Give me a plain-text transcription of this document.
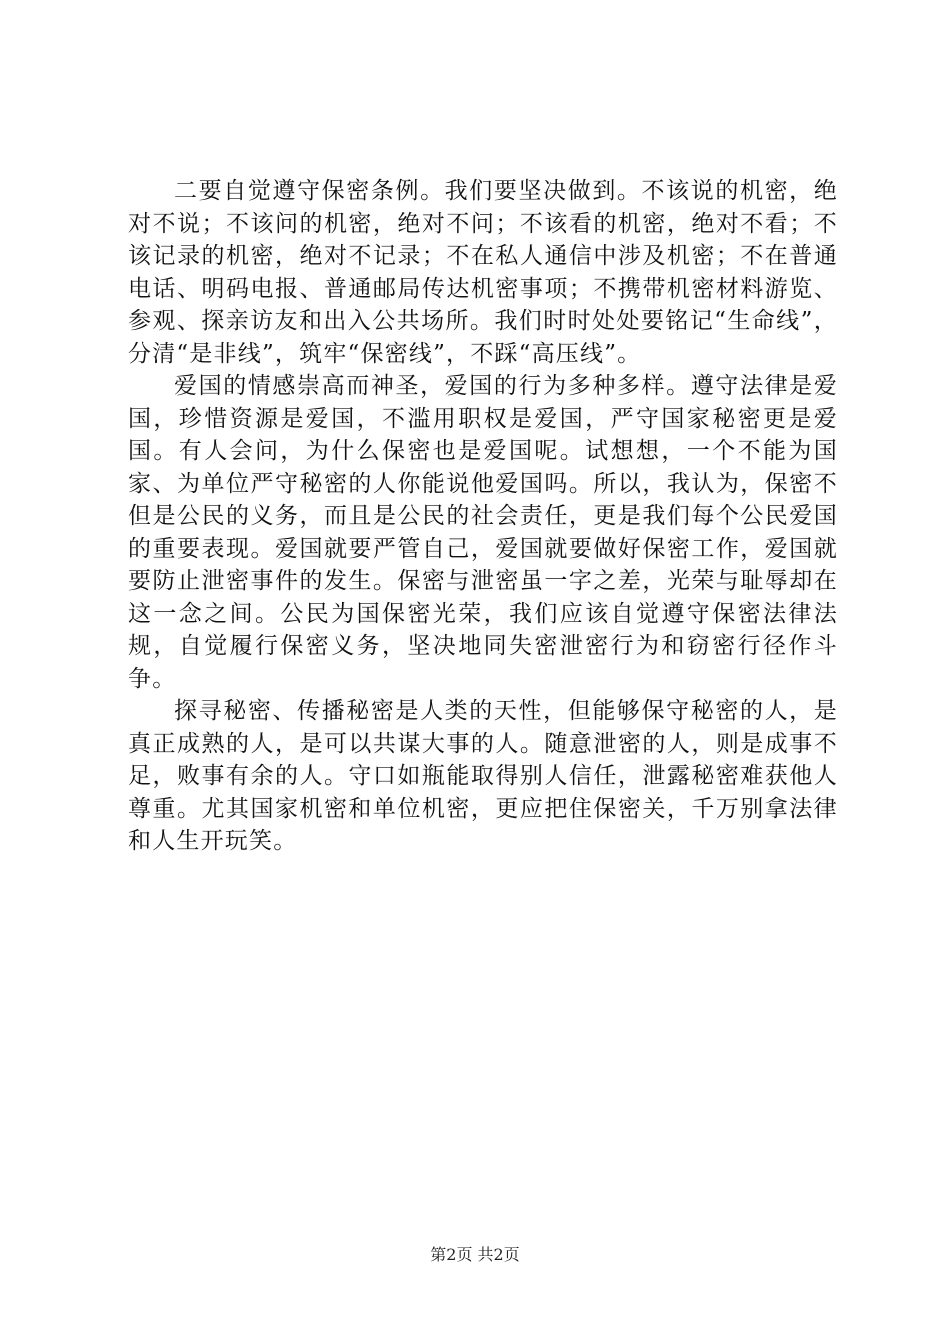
二要自觉遵守保密条例。我们要坚决做到。不该说的机密，绝对不说；不该问的机密，绝对不问；不该看的机密，绝对不看；不该记录的机密，绝对不记录；不在私人通信中涉及机密；不在普通电话、明码电报、普通邮局传达机密事项；不携带机密材料游览、参观、探亲访友和出入公共场所。我们时时处处要铭记“生命线”，分清“是非线”，筑牢“保密线”，不踩“高压线”。

爱国的情感崇高而神圣，爱国的行为多种多样。遵守法律是爱国，珍惜资源是爱国，不滥用职权是爱国，严守国家秘密更是爱国。有人会问，为什么保密也是爱国呢。试想想，一个不能为国家、为单位严守秘密的人你能说他爱国吗。所以，我认为，保密不但是公民的义务，而且是公民的社会责任，更是我们每个公民爱国的重要表现。爱国就要严管自己，爱国就要做好保密工作，爱国就要防止泄密事件的发生。保密与泄密虽一字之差，光荣与耻辱却在这一念之间。公民为国保密光荣，我们应该自觉遵守保密法律法规，自觉履行保密义务，坚决地同失密泄密行为和窃密行径作斗争。

探寻秘密、传播秘密是人类的天性，但能够保守秘密的人，是真正成熟的人，是可以共谋大事的人。随意泄密的人，则是成事不足，败事有余的人。守口如瓶能取得别人信任，泄露秘密难获他人尊重。尤其国家机密和单位机密，更应把住保密关，千万别拿法律和人生开玩笑。

第2页 共2页
